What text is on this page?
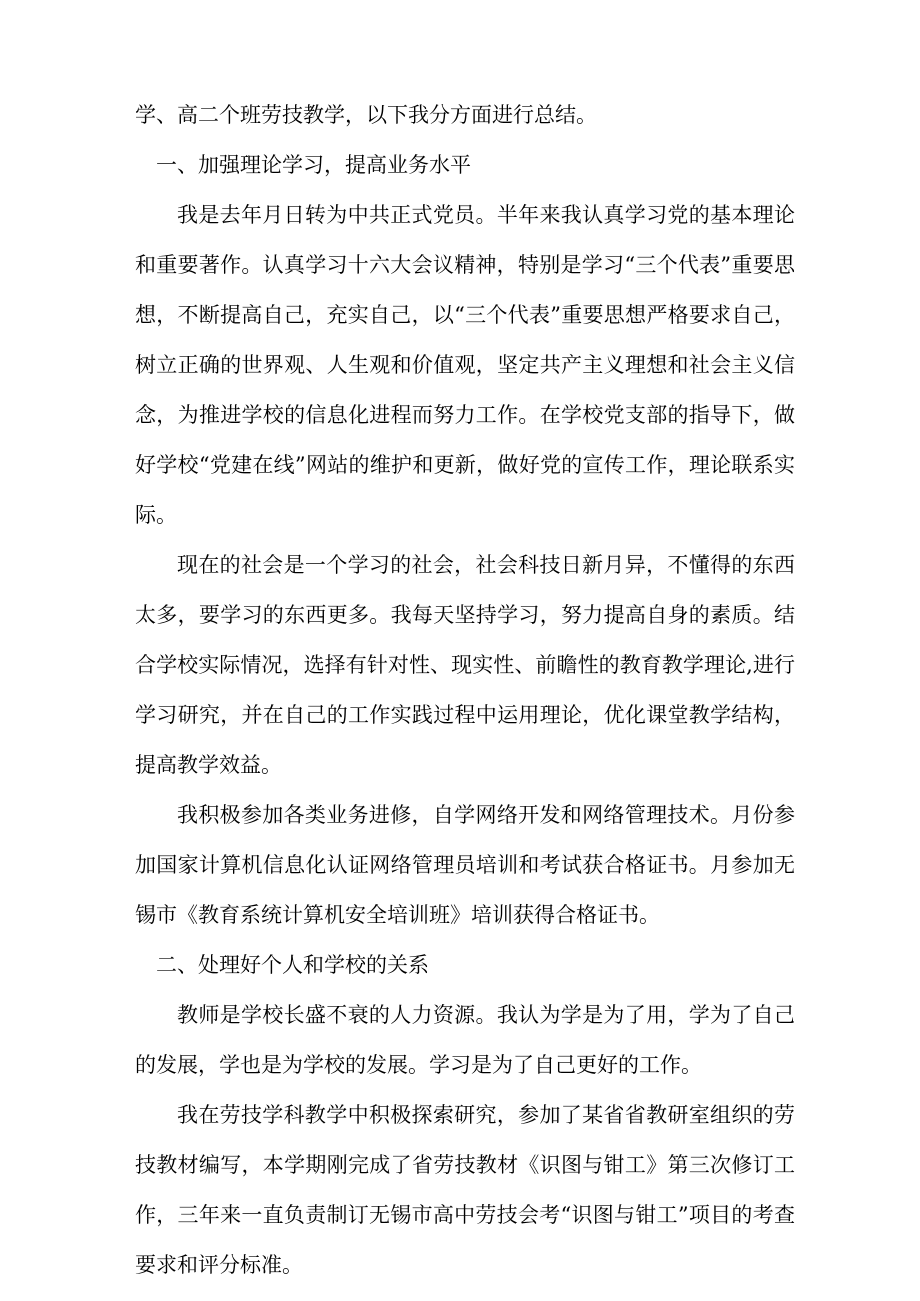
学、高二个班劳技教学，以下我分方面进行总结。

一、加强理论学习，提高业务水平

我是去年月日转为中共正式党员。半年来我认真学习党的基本理论和重要著作。认真学习十六大会议精神，特别是学习“三个代表”重要思想，不断提高自己，充实自己，以“三个代表”重要思想严格要求自己，树立正确的世界观、人生观和价值观，坚定共产主义理想和社会主义信念，为推进学校的信息化进程而努力工作。在学校党支部的指导下，做好学校“党建在线”网站的维护和更新，做好党的宣传工作，理论联系实际。

现在的社会是一个学习的社会，社会科技日新月异，不懂得的东西太多，要学习的东西更多。我每天坚持学习，努力提高自身的素质。结合学校实际情况，选择有针对性、现实性、前瞻性的教育教学理论,进行学习研究，并在自己的工作实践过程中运用理论，优化课堂教学结构，提高教学效益。

我积极参加各类业务进修，自学网络开发和网络管理技术。月份参加国家计算机信息化认证网络管理员培训和考试获合格证书。月参加无锡市《教育系统计算机安全培训班》培训获得合格证书。

二、处理好个人和学校的关系

教师是学校长盛不衰的人力资源。我认为学是为了用，学为了自己的发展，学也是为学校的发展。学习是为了自己更好的工作。

我在劳技学科教学中积极探索研究，参加了某省省教研室组织的劳技教材编写，本学期刚完成了省劳技教材《识图与钳工》第三次修订工作，三年来一直负责制订无锡市高中劳技会考“识图与钳工”项目的考查要求和评分标准。
